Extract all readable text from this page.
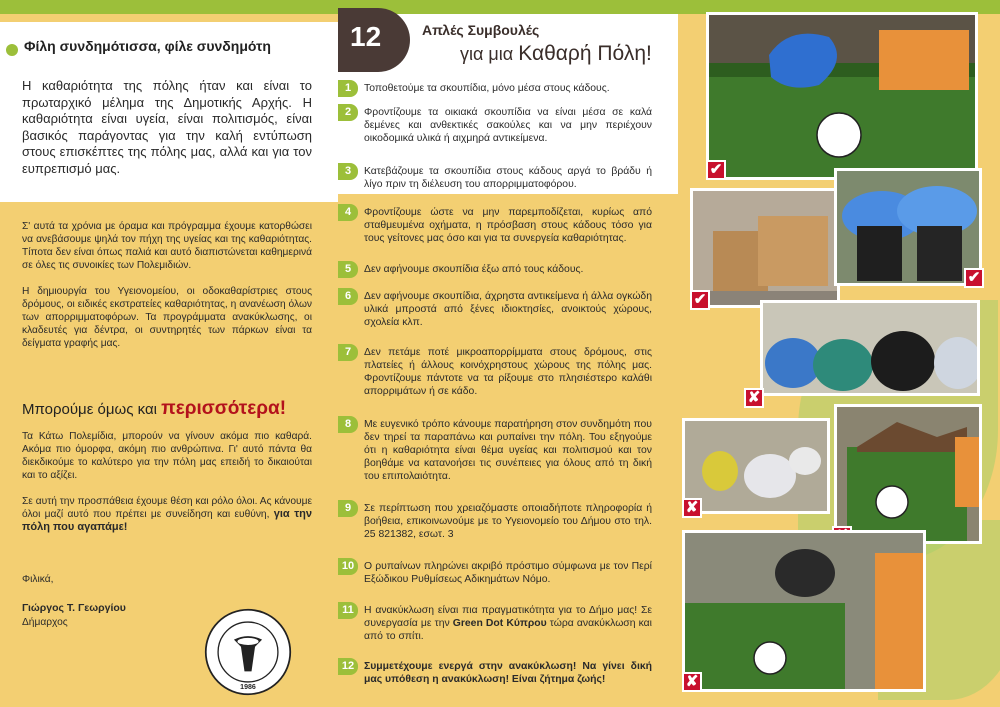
Φίλη συνδημότισσα, φίλε συνδημότη
Η καθαριότητα της πόλης ήταν και είναι το πρωταρχικό μέλημα της Δημοτικής Αρχής. Η καθαριότητα είναι υγεία, είναι πολιτισμός, είναι βασικός παράγοντας για την καλή εντύπωση στους επισκέπτες της πόλης μας, αλλά και για τον ευπρεπισμό μας.

Σ' αυτά τα χρόνια με όραμα και πρόγραμμα έχουμε κατορθώσει να ανεβάσουμε ψηλά τον πήχη της υγείας και της καθαριότητας. Τίποτα δεν είναι όπως παλιά και αυτό διαπιστώνεται καθημερινά σε όλες τις συνοικίες των Πολεμιδιών.

Η δημιουργία του Υγειονομείου, οι οδοκαθαρίστριες στους δρόμους, οι ειδικές εκστρατείες καθαριότητας, η ανανέωση όλων των απορριμματοφόρων. Τα προγράμματα ανακύκλωσης, οι κλαδευτές για δέντρα, οι συντηρητές των πάρκων είναι τα δείγματα γραφής μας.

Μπορούμε όμως και περισσότερα!

Τα Κάτω Πολεμίδια, μπορούν να γίνουν ακόμα πιο καθαρά. Ακόμα πιο όμορφα, ακόμη πιο ανθρώπινα. Γι' αυτό πάντα θα διεκδικούμε το καλύτερο για την πόλη μας επειδή το δικαιούται και το αξίζει.

Σε αυτή την προσπάθεια έχουμε θέση και ρόλο όλοι. Ας κάνουμε όλοι μαζί αυτό που πρέπει με συνείδηση και ευθύνη, για την πόλη που αγαπάμε!

Φιλικά,
Γιώργος Τ. Γεωργίου
Δήμαρχος
1986
12	Απλές Συμβουλές
για μια Καθαρή Πόλη!
1	Τοποθετούμε τα σκουπίδια, μόνο μέσα στους κάδους.
2	Φροντίζουμε τα οικιακά σκουπίδια να είναι μέσα σε καλά δεμένες και ανθεκτικές σακούλες και να μην περιέχουν οικοδομικά υλικά ή αιχμηρά αντικείμενα.
3	Κατεβάζουμε τα σκουπίδια στους κάδους αργά το βράδυ ή λίγο πριν τη διέλευση του απορριμματοφόρου.
4	Φροντίζουμε ώστε να μην παρεμποδίζεται, κυρίως από σταθμευμένα οχήματα, η πρόσβαση στους κάδους τόσο για τους γείτονες μας όσο και για τα συνεργεία καθαριότητας.
5	Δεν αφήνουμε σκουπίδια έξω από τους κάδους.
6	Δεν αφήνουμε σκουπίδια, άχρηστα αντικείμενα ή άλλα ογκώδη υλικά μπροστά από ξένες ιδιοκτησίες, ανοικτούς χώρους, σχολεία κλπ.
7	Δεν πετάμε ποτέ μικροαπορρίμματα στους δρόμους, στις πλατείες ή άλλους κοινόχρηστους χώρους της πόλης μας. Φροντίζουμε πάντοτε να τα ρίξουμε στο πλησιέστερο καλάθι απορριμάτων ή σε κάδο.
8	Με ευγενικό τρόπο κάνουμε παρατήρηση στον συνδημότη που δεν τηρεί τα παραπάνω και ρυπαίνει την πόλη. Του εξηγούμε ότι η καθαριότητα είναι θέμα υγείας και πολιτισμού και τον βοηθάμε να κατανοήσει τις συνέπειες για όλους από τη δική του επιπολαιότητα.
9	Σε περίπτωση που χρειαζόμαστε οποιαδήποτε πληροφορία ή βοήθεια, επικοινωνούμε με το Υγειονομείο του Δήμου στο τηλ. 25 821382, εσωτ. 3
10 Ο ρυπαίνων πληρώνει ακριβό πρόστιμο σύμφωνα με τον Περί Εξώδικου Ρυθμίσεως Αδικημάτων Νόμο.
11 Η ανακύκλωση είναι πια πραγματικότητα για το Δήμο μας! Σε συνεργασία με την Green Dot Κύπρου τώρα ανακύκλωση και από το σπίτι.
12 Συμμετέχουμε ενεργά στην ανακύκλωση! Να γίνει δική μας υπόθεση η ανακύκλωση! Είναι ζήτημα ζωής!
✔
✔
✔
✘
✘
✘
